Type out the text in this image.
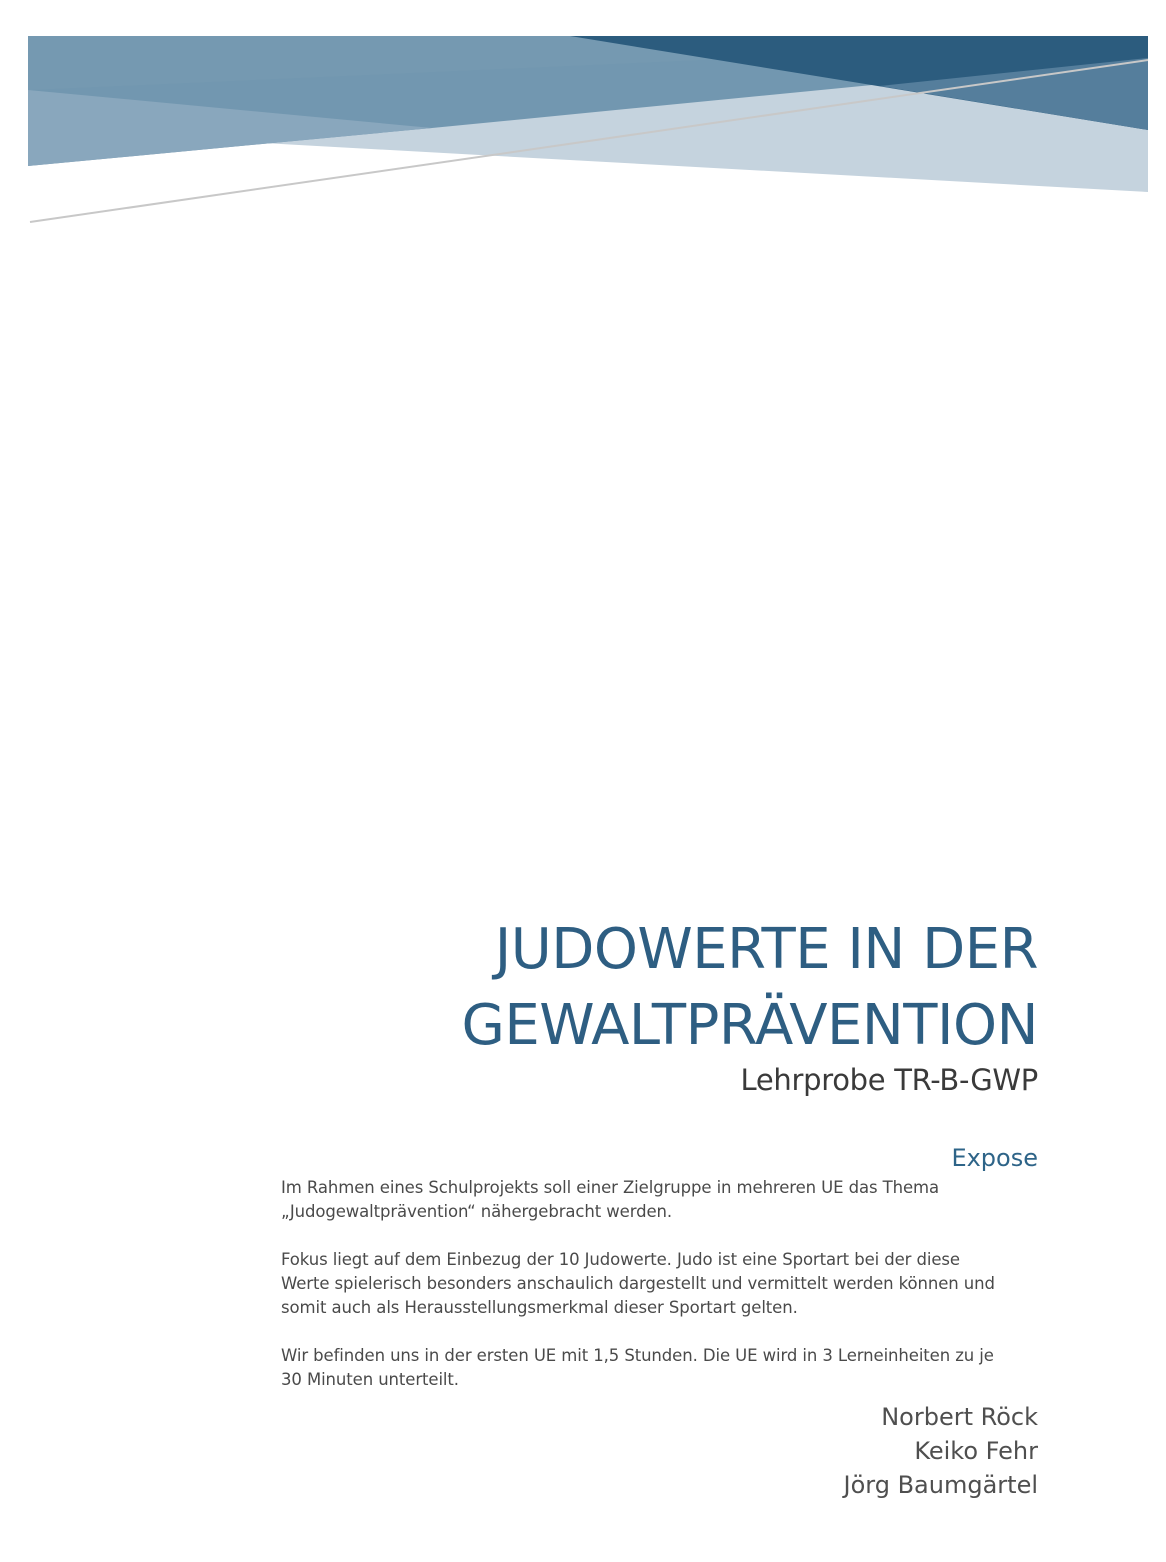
JUDOWERTE IN DER
GEWALTPRÄVENTION
Lehrprobe TR-B-GWP
Expose

Im Rahmen eines Schulprojekts soll einer Zielgruppe in mehreren UE das Thema
„Judogewaltprävention“ nähergebracht werden.

Fokus liegt auf dem Einbezug der 10 Judowerte. Judo ist eine Sportart bei der diese
Werte spielerisch besonders anschaulich dargestellt und vermittelt werden können und
somit auch als Herausstellungsmerkmal dieser Sportart gelten.

Wir befinden uns in der ersten UE mit 1,5 Stunden. Die UE wird in 3 Lerneinheiten zu je
30 Minuten unterteilt.

Norbert Röck
Keiko Fehr
Jörg Baumgärtel
